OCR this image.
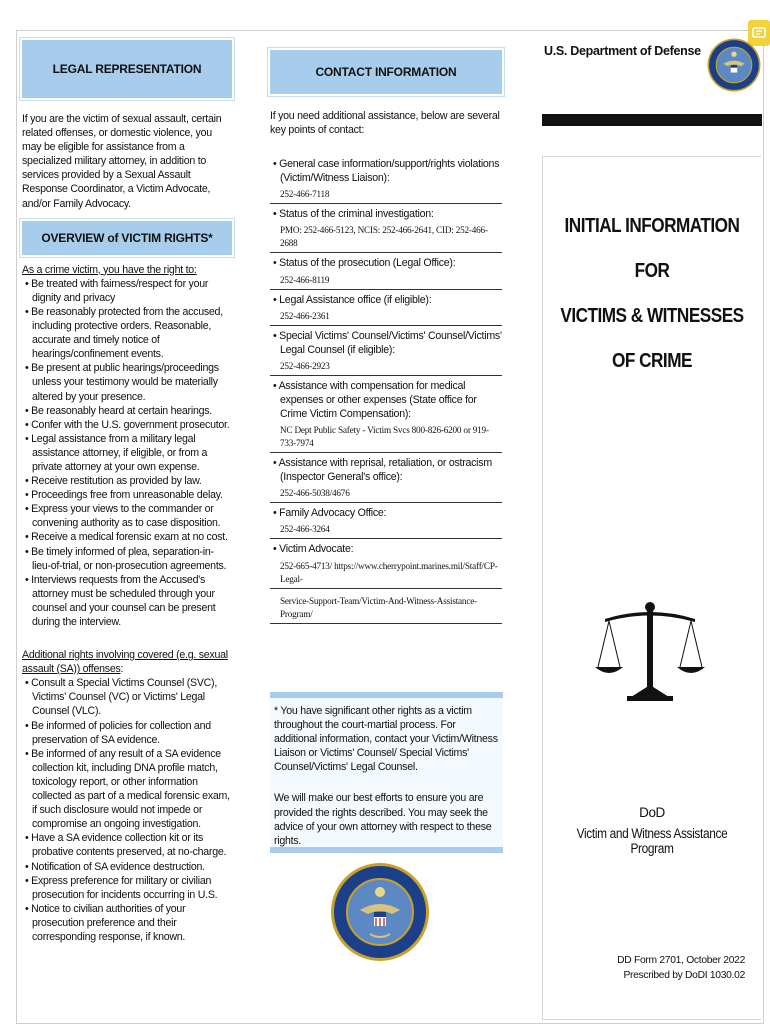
LEGAL REPRESENTATION

If you are the victim of sexual assault, certain related offenses, or domestic violence, you may be eligible for assistance from a specialized military attorney, in addition to services provided by a Sexual Assault Response Coordinator, a Victim Advocate, and/or Family Advocacy.

OVERVIEW of VICTIM RIGHTS*

As a crime victim, you have the right to:

• Be treated with fairness/respect for your dignity and privacy

• Be reasonably protected from the accused, including protective orders. Reasonable, accurate and timely notice of hearings/confinement events.

• Be present at public hearings/proceedings unless your testimony would be materially altered by your presence.

• Be reasonably heard at certain hearings.

• Confer with the U.S. government prosecutor.

• Legal assistance from a military legal assistance attorney, if eligible, or from a private attorney at your own expense.

• Receive restitution as provided by law.

• Proceedings free from unreasonable delay.

• Express your views to the commander or convening authority as to case disposition.

• Receive a medical forensic exam at no cost.

• Be timely informed of plea, separation-in-lieu-of-trial, or non-prosecution agreements.

• Interviews requests from the Accused's attorney must be scheduled through your counsel and your counsel can be present during the interview.

Additional rights involving covered (e.g. sexual assault (SA)) offenses:

• Consult a Special Victims Counsel (SVC), Victims' Counsel (VC) or Victims' Legal Counsel (VLC).

• Be informed of policies for collection and preservation of SA evidence.

• Be informed of any result of a SA evidence collection kit, including DNA profile match, toxicology report, or other information collected as part of a medical forensic exam, if such disclosure would not impede or compromise an ongoing investigation.

• Have a SA evidence collection kit or its probative contents preserved, at no-charge.

• Notification of SA evidence destruction.

• Express preference for military or civilian prosecution for incidents occurring in U.S.

• Notice to civilian authorities of your prosecution preference and their corresponding response, if known.

CONTACT INFORMATION

If you need additional assistance, below are several key points of contact:

• General case information/support/rights violations (Victim/Witness Liaison):
252-466-7118
• Status of the criminal investigation:
PMO: 252-466-5123, NCIS: 252-466-2641, CID: 252-466-2688
• Status of the prosecution (Legal Office):
252-466-8119
• Legal Assistance office (if eligible):
252-466-2361
• Special Victims' Counsel/Victims' Counsel/Victims' Legal Counsel (if eligible):
252-466-2923
• Assistance with compensation for medical expenses or other expenses (State office for Crime Victim Compensation):
NC Dept Public Safety - Victim Svcs 800-826-6200 or 919-733-7974
• Assistance with reprisal, retaliation, or ostracism (Inspector General's office):
252-466-5038/4676
• Family Advocacy Office:
252-466-3264
• Victim Advocate:
252-665-4713/ https://www.cherrypoint.marines.mil/Staff/CP-Legal-
Service-Support-Team/Victim-And-Witness-Assistance-Program/

* You have significant other rights as a victim throughout the court-martial process. For additional information, contact your Victim/Witness Liaison or Victims' Counsel/ Special Victims' Counsel/Victims' Legal Counsel.

We will make our best efforts to ensure you are provided the rights described. You may seek the advice of your own attorney with respect to these rights.

U.S. Department of Defense
INITIAL INFORMATION
FOR
VICTIMS & WITNESSES
OF CRIME
DoD
Victim and Witness Assistance Program
DD Form 2701, October 2022
Prescribed by DoDI 1030.02
